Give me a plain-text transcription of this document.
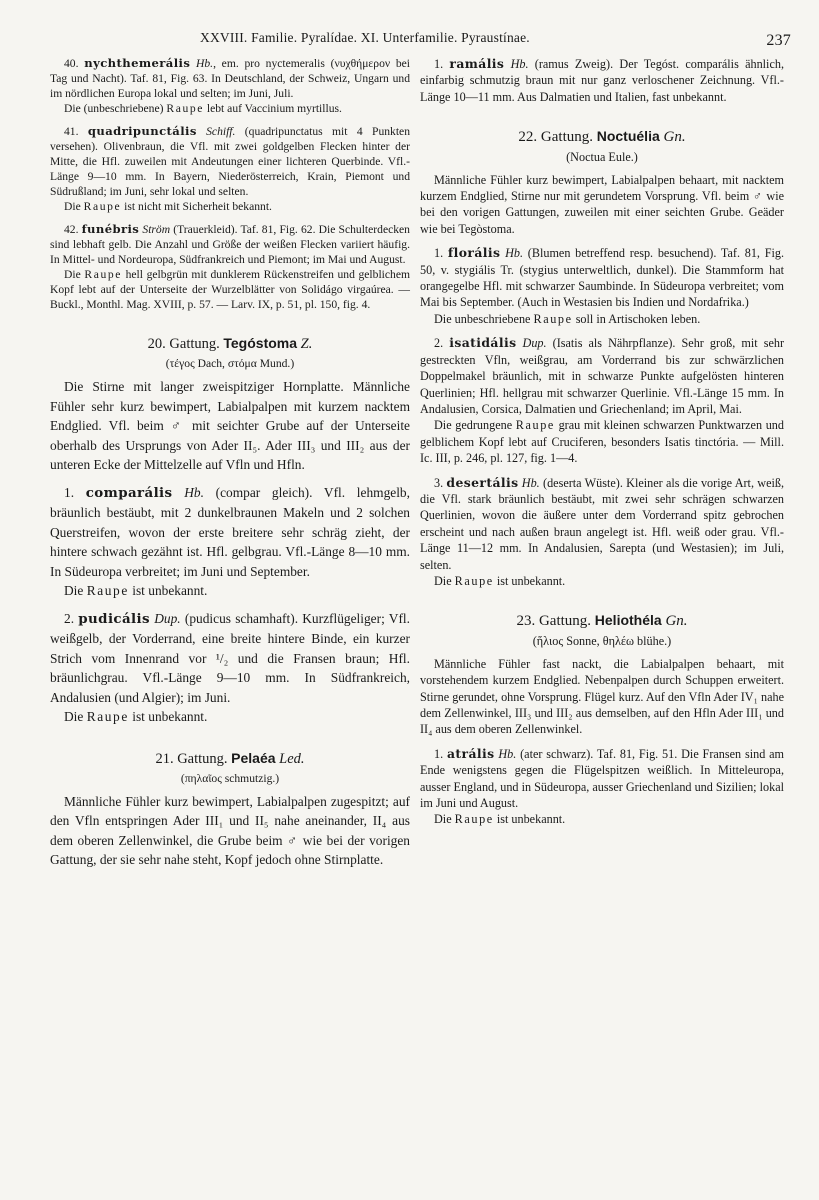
XXVIII. Familie. Pyralídae. XI. Unterfamilie. Pyraustínae.	237

40. nychthemerális Hb., em. pro nyctemeralis (νυχθήμερον bei Tag und Nacht). Taf. 81, Fig. 63. In Deutschland, der Schweiz, Ungarn und im nördlichen Europa lokal und selten; im Juni, Juli.

Die (unbeschriebene) Raupe lebt auf Vaccinium myrtillus.

41. quadripunctális Schiff. (quadripunctatus mit 4 Punkten versehen). Olivenbraun, die Vfl. mit zwei goldgelben Flecken hinter der Mitte, die Hfl. zuweilen mit Andeutungen einer lichteren Querbinde. Vfl.-Länge 9—10 mm. In Bayern, Niederösterreich, Krain, Piemont und Südrußland; im Juni, sehr lokal und selten.

Die Raupe ist nicht mit Sicherheit bekannt.

42. funébris Ström (Trauerkleid). Taf. 81, Fig. 62. Die Schulterdecken sind lebhaft gelb. Die Anzahl und Größe der weißen Flecken variiert häufig. In Mittel- und Nordeuropa, Südfrankreich und Piemont; im Mai und August.

Die Raupe hell gelbgrün mit dunklerem Rückenstreifen und gelblichem Kopf lebt auf der Unterseite der Wurzelblätter von Solidágo virgaúrea. — Buckl., Monthl. Mag. XVIII, p. 57. — Larv. IX, p. 51, pl. 150, fig. 4.

20. Gattung. Tegóstoma Z.
(τέγος Dach, στόμα Mund.)

Die Stirne mit langer zweispitziger Hornplatte. Männliche Fühler sehr kurz bewimpert, Labialpalpen mit kurzem nacktem Endglied. Vfl. beim ♂ mit seichter Grube auf der Unterseite oberhalb des Ursprungs von Ader II₅. Ader III₃ und III₂ aus der unteren Ecke der Mittelzelle auf Vfln und Hfln.

1. comparális Hb. (compar gleich). Vfl. lehmgelb, bräunlich bestäubt, mit 2 dunkelbraunen Makeln und 2 solchen Querstreifen, wovon der erste breitere sehr schräg zieht, der hintere schwach gezähnt ist. Hfl. gelbgrau. Vfl.-Länge 8—10 mm. In Südeuropa verbreitet; im Juni und September.

Die Raupe ist unbekannt.

2. pudicális Dup. (pudicus schamhaft). Kurzflügeliger; Vfl. weißgelb, der Vorderrand, eine breite hintere Binde, ein kurzer Strich vom Innenrand vor ¹/₂ und die Fransen braun; Hfl. bräunlichgrau. Vfl.-Länge 9—10 mm. In Südfrankreich, Andalusien (und Algier); im Juni.

Die Raupe ist unbekannt.

21. Gattung. Pelaéa Led.
(πηλαῖος schmutzig.)

Männliche Fühler kurz bewimpert, Labialpalpen zugespitzt; auf den Vfln entspringen Ader III₁ und II₅ nahe aneinander, II₄ aus dem oberen Zellenwinkel, die Grube beim ♂ wie bei der vorigen Gattung, der sie sehr nahe steht, Kopf jedoch ohne Stirnplatte.

1. ramális Hb. (ramus Zweig). Der Tegóst. comparális ähnlich, einfarbig schmutzig braun mit nur ganz verloschener Zeichnung. Vfl.-Länge 10—11 mm. Aus Dalmatien und Italien, fast unbekannt.

22. Gattung. Noctuélia Gn.
(Noctua Eule.)

Männliche Fühler kurz bewimpert, Labialpalpen behaart, mit nacktem kurzem Endglied, Stirne nur mit gerundetem Vorsprung. Vfl. beim ♂ wie bei den vorigen Gattungen, zuweilen mit einer seichten Grube. Geäder wie bei Tegòstoma.

1. florális Hb. (Blumen betreffend resp. besuchend). Taf. 81, Fig. 50, v. stygiális Tr. (stygius unterweltlich, dunkel). Die Stammform hat orangegelbe Hfl. mit schwarzer Saumbinde. In Südeuropa verbreitet; vom Mai bis September. (Auch in Westasien bis Indien und Nordafrika.)

Die unbeschriebene Raupe soll in Artischoken leben.

2. isatidális Dup. (Isatis als Nährpflanze). Sehr groß, mit sehr gestreckten Vfln, weißgrau, am Vorderrand bis zur schwärzlichen Doppelmakel bräunlich, mit in schwarze Punkte aufgelösten hinteren Querlinien; Hfl. hellgrau mit schwarzer Querlinie. Vfl.-Länge 15 mm. In Andalusien, Corsica, Dalmatien und Griechenland; im April, Mai.

Die gedrungene Raupe grau mit kleinen schwarzen Punktwarzen und gelblichem Kopf lebt auf Cruciferen, besonders Isatis tinctória. — Mill. Ic. III, p. 246, pl. 127, fig. 1—4.

3. desertális Hb. (deserta Wüste). Kleiner als die vorige Art, weiß, die Vfl. stark bräunlich bestäubt, mit zwei sehr schrägen schwarzen Querlinien, wovon die äußere unter dem Vorderrand spitz gebrochen erscheint und nach außen braun angelegt ist. Hfl. weiß oder grau. Vfl.-Länge 11—12 mm. In Andalusien, Sarepta (und Westasien); im Juli, selten.

Die Raupe ist unbekannt.

23. Gattung. Heliothéla Gn.
(ἥλιος Sonne, θηλέω blühe.)

Männliche Fühler fast nackt, die Labialpalpen behaart, mit vorstehendem kurzem Endglied. Nebenpalpen durch Schuppen erweitert. Stirne gerundet, ohne Vorsprung. Flügel kurz. Auf den Vfln Ader IV₁ nahe dem Zellenwinkel, III₃ und III₂ aus demselben, auf den Hfln Ader III₁ und II₄ aus dem oberen Zellenwinkel.

1. atrális Hb. (ater schwarz). Taf. 81, Fig. 51. Die Fransen sind am Ende wenigstens gegen die Flügelspitzen weißlich. In Mitteleuropa, ausser England, und in Südeuropa, ausser Griechenland und Sizilien; lokal im Juni und August.

Die Raupe ist unbekannt.
